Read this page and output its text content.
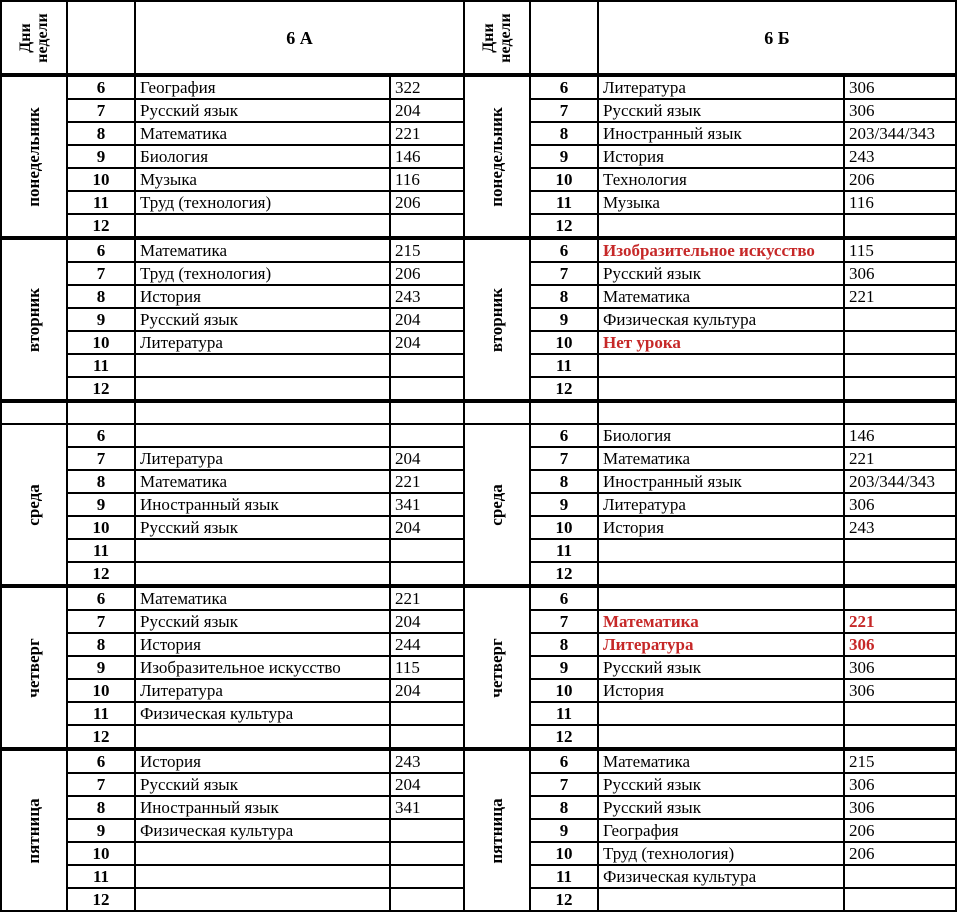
Дни недели		6 А	

понедельник	6	География	322
	7	Русский язык	204
	8	Математика	221
	9	Биология	146
	10	Музыка	116
	11	Труд (технология)	206
	12		

вторник	6	Математика	215
	7	Труд (технология)	206
	8	История	243
	9	Русский язык	204
	10	Литература	204
	11		
	12		

среда	6		
	7	Литература	204
	8	Математика	221
	9	Иностранный язык	341
	10	Русский язык	204
	11		
	12		

четверг	6	Математика	221
	7	Русский язык	204
	8	История	244
	9	Изобразительное искусство	115
	10	Литература	204
	11	Физическая культура	
	12		

пятница	6	История	243
	7	Русский язык	204
	8	Иностранный язык	341
	9	Физическая культура	
	10		
	11		
	12		
Дни недели		6 Б	

понедельник	6	Литература	306
	7	Русский язык	306
	8	Иностранный язык	203/344/343
	9	История	243
	10	Технология	206
	11	Музыка	116
	12		

вторник	6	Изобразительное искусство	115
	7	Русский язык	306
	8	Математика	221
	9	Физическая культура	
	10	Нет урока	
	11		
	12		

среда	6	Биология	146
	7	Математика	221
	8	Иностранный язык	203/344/343
	9	Литература	306
	10	История	243
	11		
	12		

четверг	6		
	7	Математика	221
	8	Литература	306
	9	Русский язык	306
	10	История	306
	11		
	12		

пятница	6	Математика	215
	7	Русский язык	306
	8	Русский язык	306
	9	География	206
	10	Труд (технология)	206
	11	Физическая культура	
	12		
